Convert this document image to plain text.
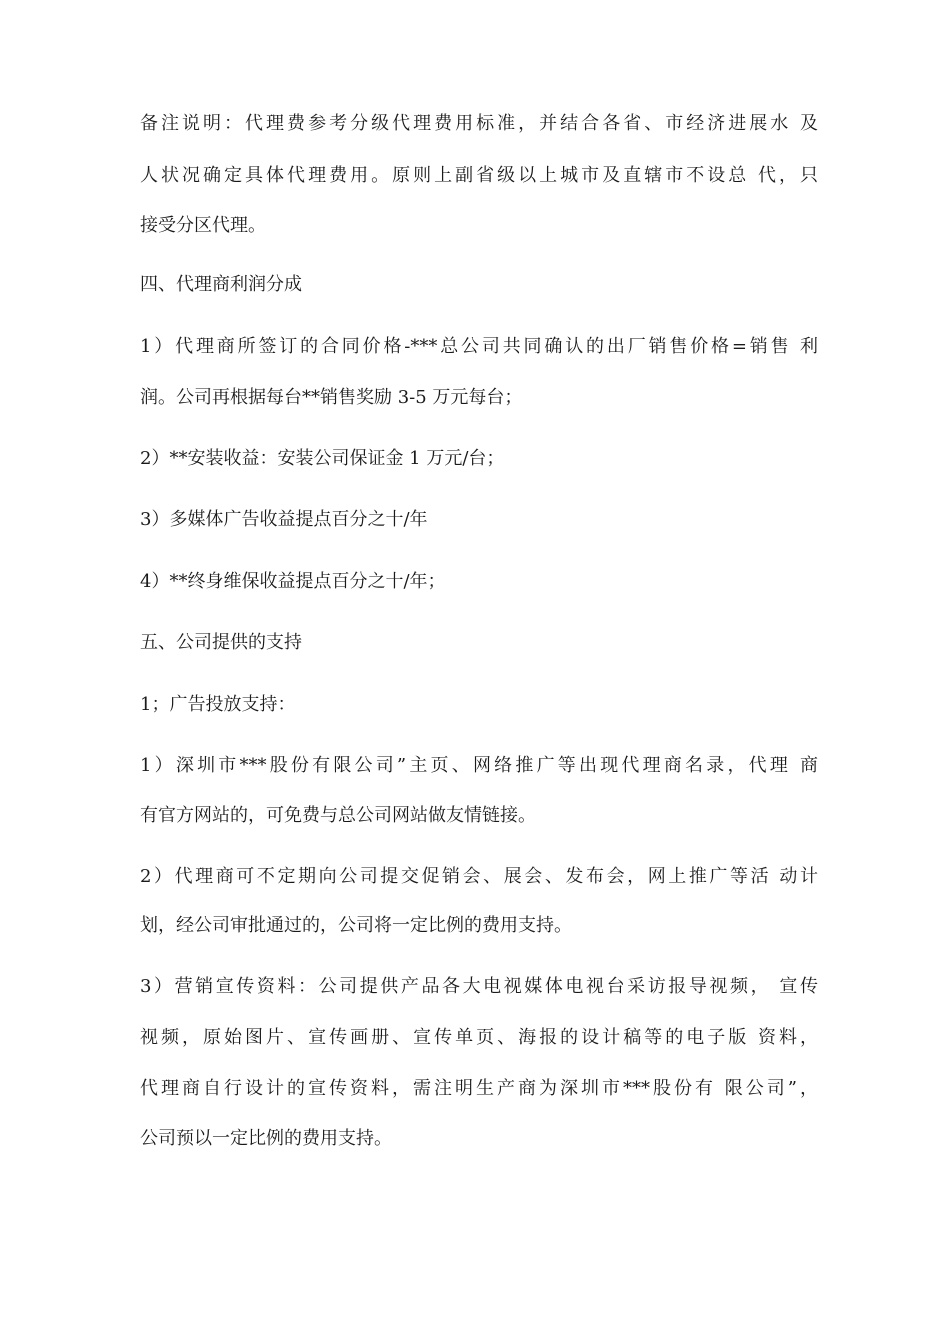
备注说明：代理费参考分级代理费用标准，并结合各省、市经济进展水 及
人状况确定具体代理费用。原则上副省级以上城市及直辖市不设总 代，只
接受分区代理。
四、代理商利润分成
1）代理商所签订的合同价格-***总公司共同确认的出厂销售价格=销售 利
润。公司再根据每台**销售奖励 3-5 万元每台；
2）**安装收益：安装公司保证金 1 万元/台；
3）多媒体广告收益提点百分之十/年
4）**终身维保收益提点百分之十/年；
五、公司提供的支持
1；广告投放支持：
1）深圳市***股份有限公司”主页、网络推广等出现代理商名录，代理 商
有官方网站的，可免费与总公司网站做友情链接。
2）代理商可不定期向公司提交促销会、展会、发布会，网上推广等活 动计
划，经公司审批通过的，公司将一定比例的费用支持。
3）营销宣传资料：公司提供产品各大电视媒体电视台采访报导视频， 宣传
视频，原始图片、宣传画册、宣传单页、海报的设计稿等的电子版 资料，
代理商自行设计的宣传资料，需注明生产商为深圳市***股份有 限公司”，
公司预以一定比例的费用支持。
